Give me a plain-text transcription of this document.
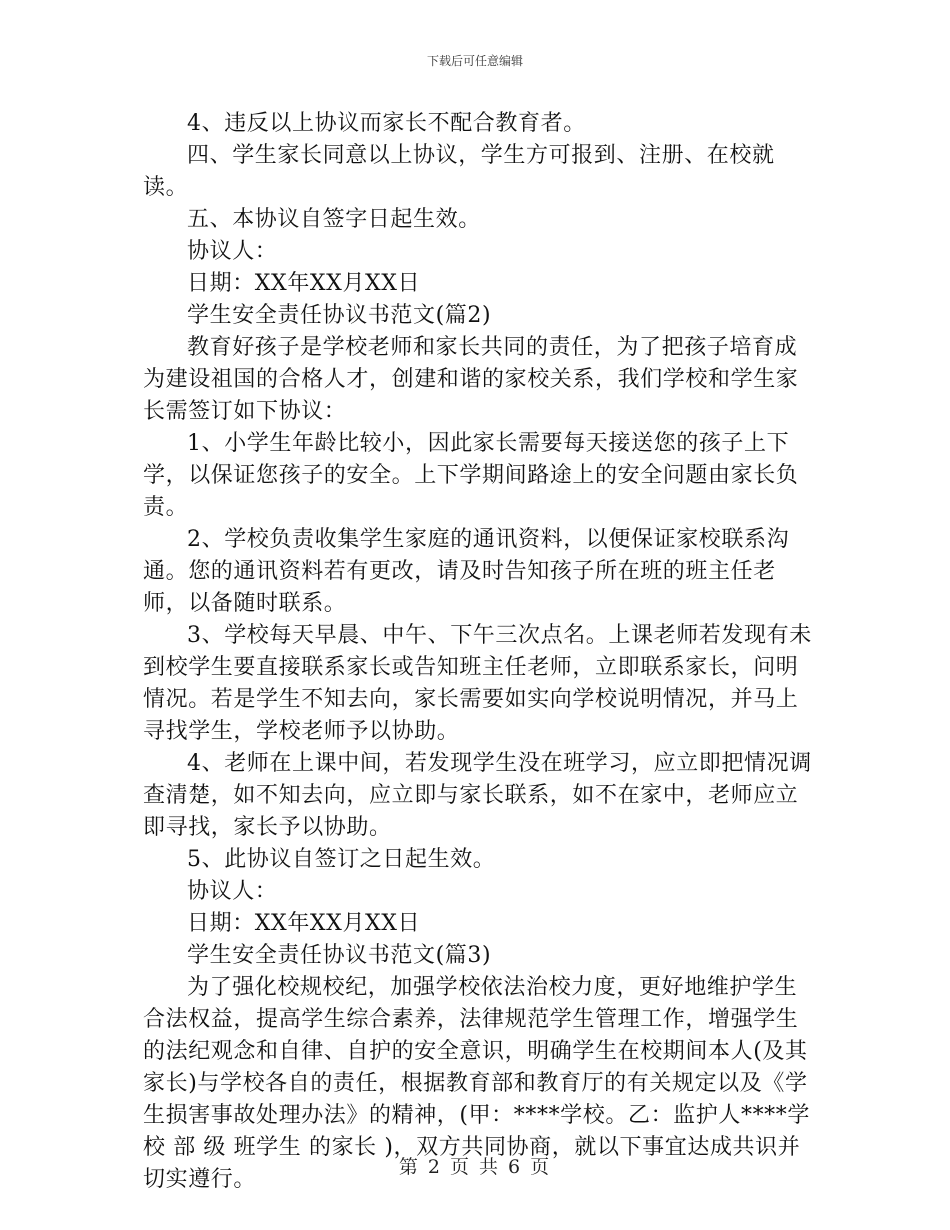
下载后可任意编辑

4、违反以上协议而家长不配合教育者。

四、学生家长同意以上协议，学生方可报到、注册、在校就读。

五、本协议自签字日起生效。

协议人：

日期：XX年XX月XX日

学生安全责任协议书范文(篇2)

教育好孩子是学校老师和家长共同的责任，为了把孩子培育成为建设祖国的合格人才，创建和谐的家校关系，我们学校和学生家长需签订如下协议：

1、小学生年龄比较小，因此家长需要每天接送您的孩子上下学，以保证您孩子的安全。上下学期间路途上的安全问题由家长负责。

2、学校负责收集学生家庭的通讯资料，以便保证家校联系沟通。您的通讯资料若有更改，请及时告知孩子所在班的班主任老师，以备随时联系。

3、学校每天早晨、中午、下午三次点名。上课老师若发现有未到校学生要直接联系家长或告知班主任老师，立即联系家长，问明情况。若是学生不知去向，家长需要如实向学校说明情况，并马上寻找学生，学校老师予以协助。

4、老师在上课中间，若发现学生没在班学习，应立即把情况调查清楚，如不知去向，应立即与家长联系，如不在家中，老师应立即寻找，家长予以协助。

5、此协议自签订之日起生效。

协议人：

日期：XX年XX月XX日

学生安全责任协议书范文(篇3)

为了强化校规校纪，加强学校依法治校力度，更好地维护学生合法权益，提高学生综合素养，法律规范学生管理工作，增强学生的法纪观念和自律、自护的安全意识，明确学生在校期间本人(及其家长)与学校各自的责任，根据教育部和教育厅的有关规定以及《学生损害事故处理办法》的精神，(甲：****学校。乙：监护人****学校 部 级 班学生 的家长 )，双方共同协商，就以下事宜达成共识并切实遵行。	第 2 页 共 6 页
